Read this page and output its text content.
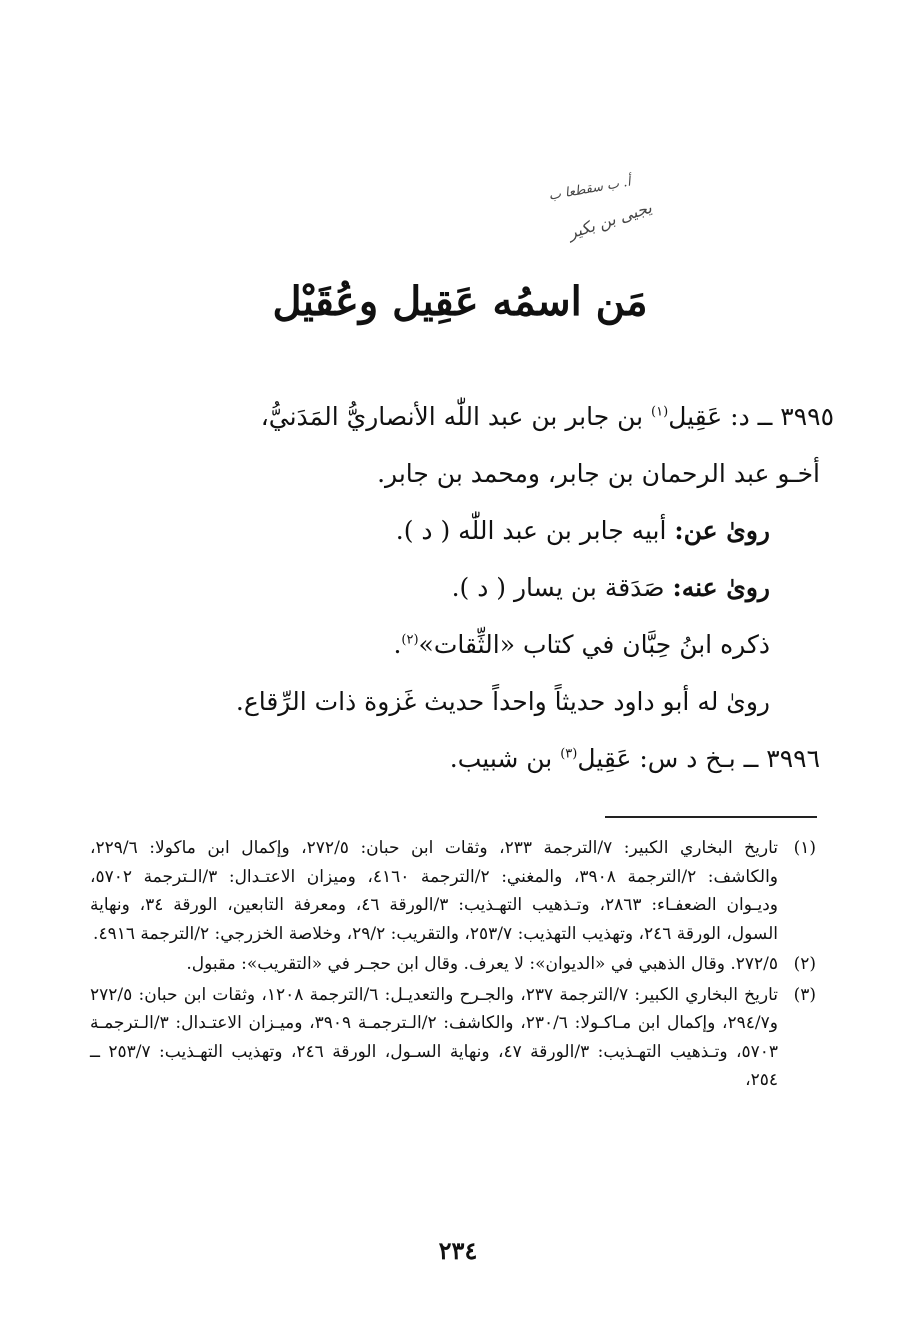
أ. ب سقطعا ب
يجيى بن بكير
مَن اسمُه عَقِيل وعُقَيْل
٣٩٩٥ ــ د: عَقِيل$^{(١)}$ بن جابر بن عبد اللّٰه الأنصاريُّ المَدَنيُّ،
أخـو عبد الرحمان بن جابر، ومحمد بن جابر.
روىٰ عن: أبيه جابر بن عبد اللّٰه ( د ).
روىٰ عنه: صَدَقة بن يسار ( د ).
ذكره ابنُ حِبَّان في كتاب «الثِّقات»$^{(٢)}$.
روىٰ له أبو داود حديثاً واحداً حديث غَزوة ذات الرِّقاع.
٣٩٩٦ ــ بـخ د س: عَقِيل$^{(٣)}$ بن شبيب.
(١)
تاريخ البخاري الكبير: ٧/الترجمة ٢٣٣، وثقات ابن حبان: ٢٧٢/٥، وإكمال ابن ماكولا: ٢٢٩/٦، والكاشف: ٢/الترجمة ٣٩٠٨، والمغني: ٢/الترجمة ٤١٦٠، وميزان الاعتـدال: ٣/الـترجمة ٥٧٠٢، وديـوان الضعفـاء: ٢٨٦٣، وتـذهيب التهـذيب: ٣/الورقة ٤٦، ومعرفة التابعين، الورقة ٣٤، ونهاية السول، الورقة ٢٤٦، وتهذيب التهذيب: ٢٥٣/٧، والتقريب: ٢٩/٢، وخلاصة الخزرجي: ٢/الترجمة ٤٩١٦.
(٢)
٢٧٢/٥. وقال الذهبي في «الديوان»: لا يعرف. وقال ابن حجـر في «التقريب»: مقبول.
(٣)
تاريخ البخاري الكبير: ٧/الترجمة ٢٣٧، والجـرح والتعديـل: ٦/الترجمة ١٢٠٨، وثقات ابن حبان: ٢٧٢/٥ و٢٩٤/٧، وإكمال ابن مـاكـولا: ٢٣٠/٦، والكاشف: ٢/الـترجمـة ٣٩٠٩، وميـزان الاعتـدال: ٣/الـترجمـة ٥٧٠٣، وتـذهيب التهـذيب: ٣/الورقة ٤٧، ونهاية السـول، الورقة ٢٤٦، وتهذيب التهـذيب: ٢٥٣/٧ ــ ٢٥٤،
٢٣٤
